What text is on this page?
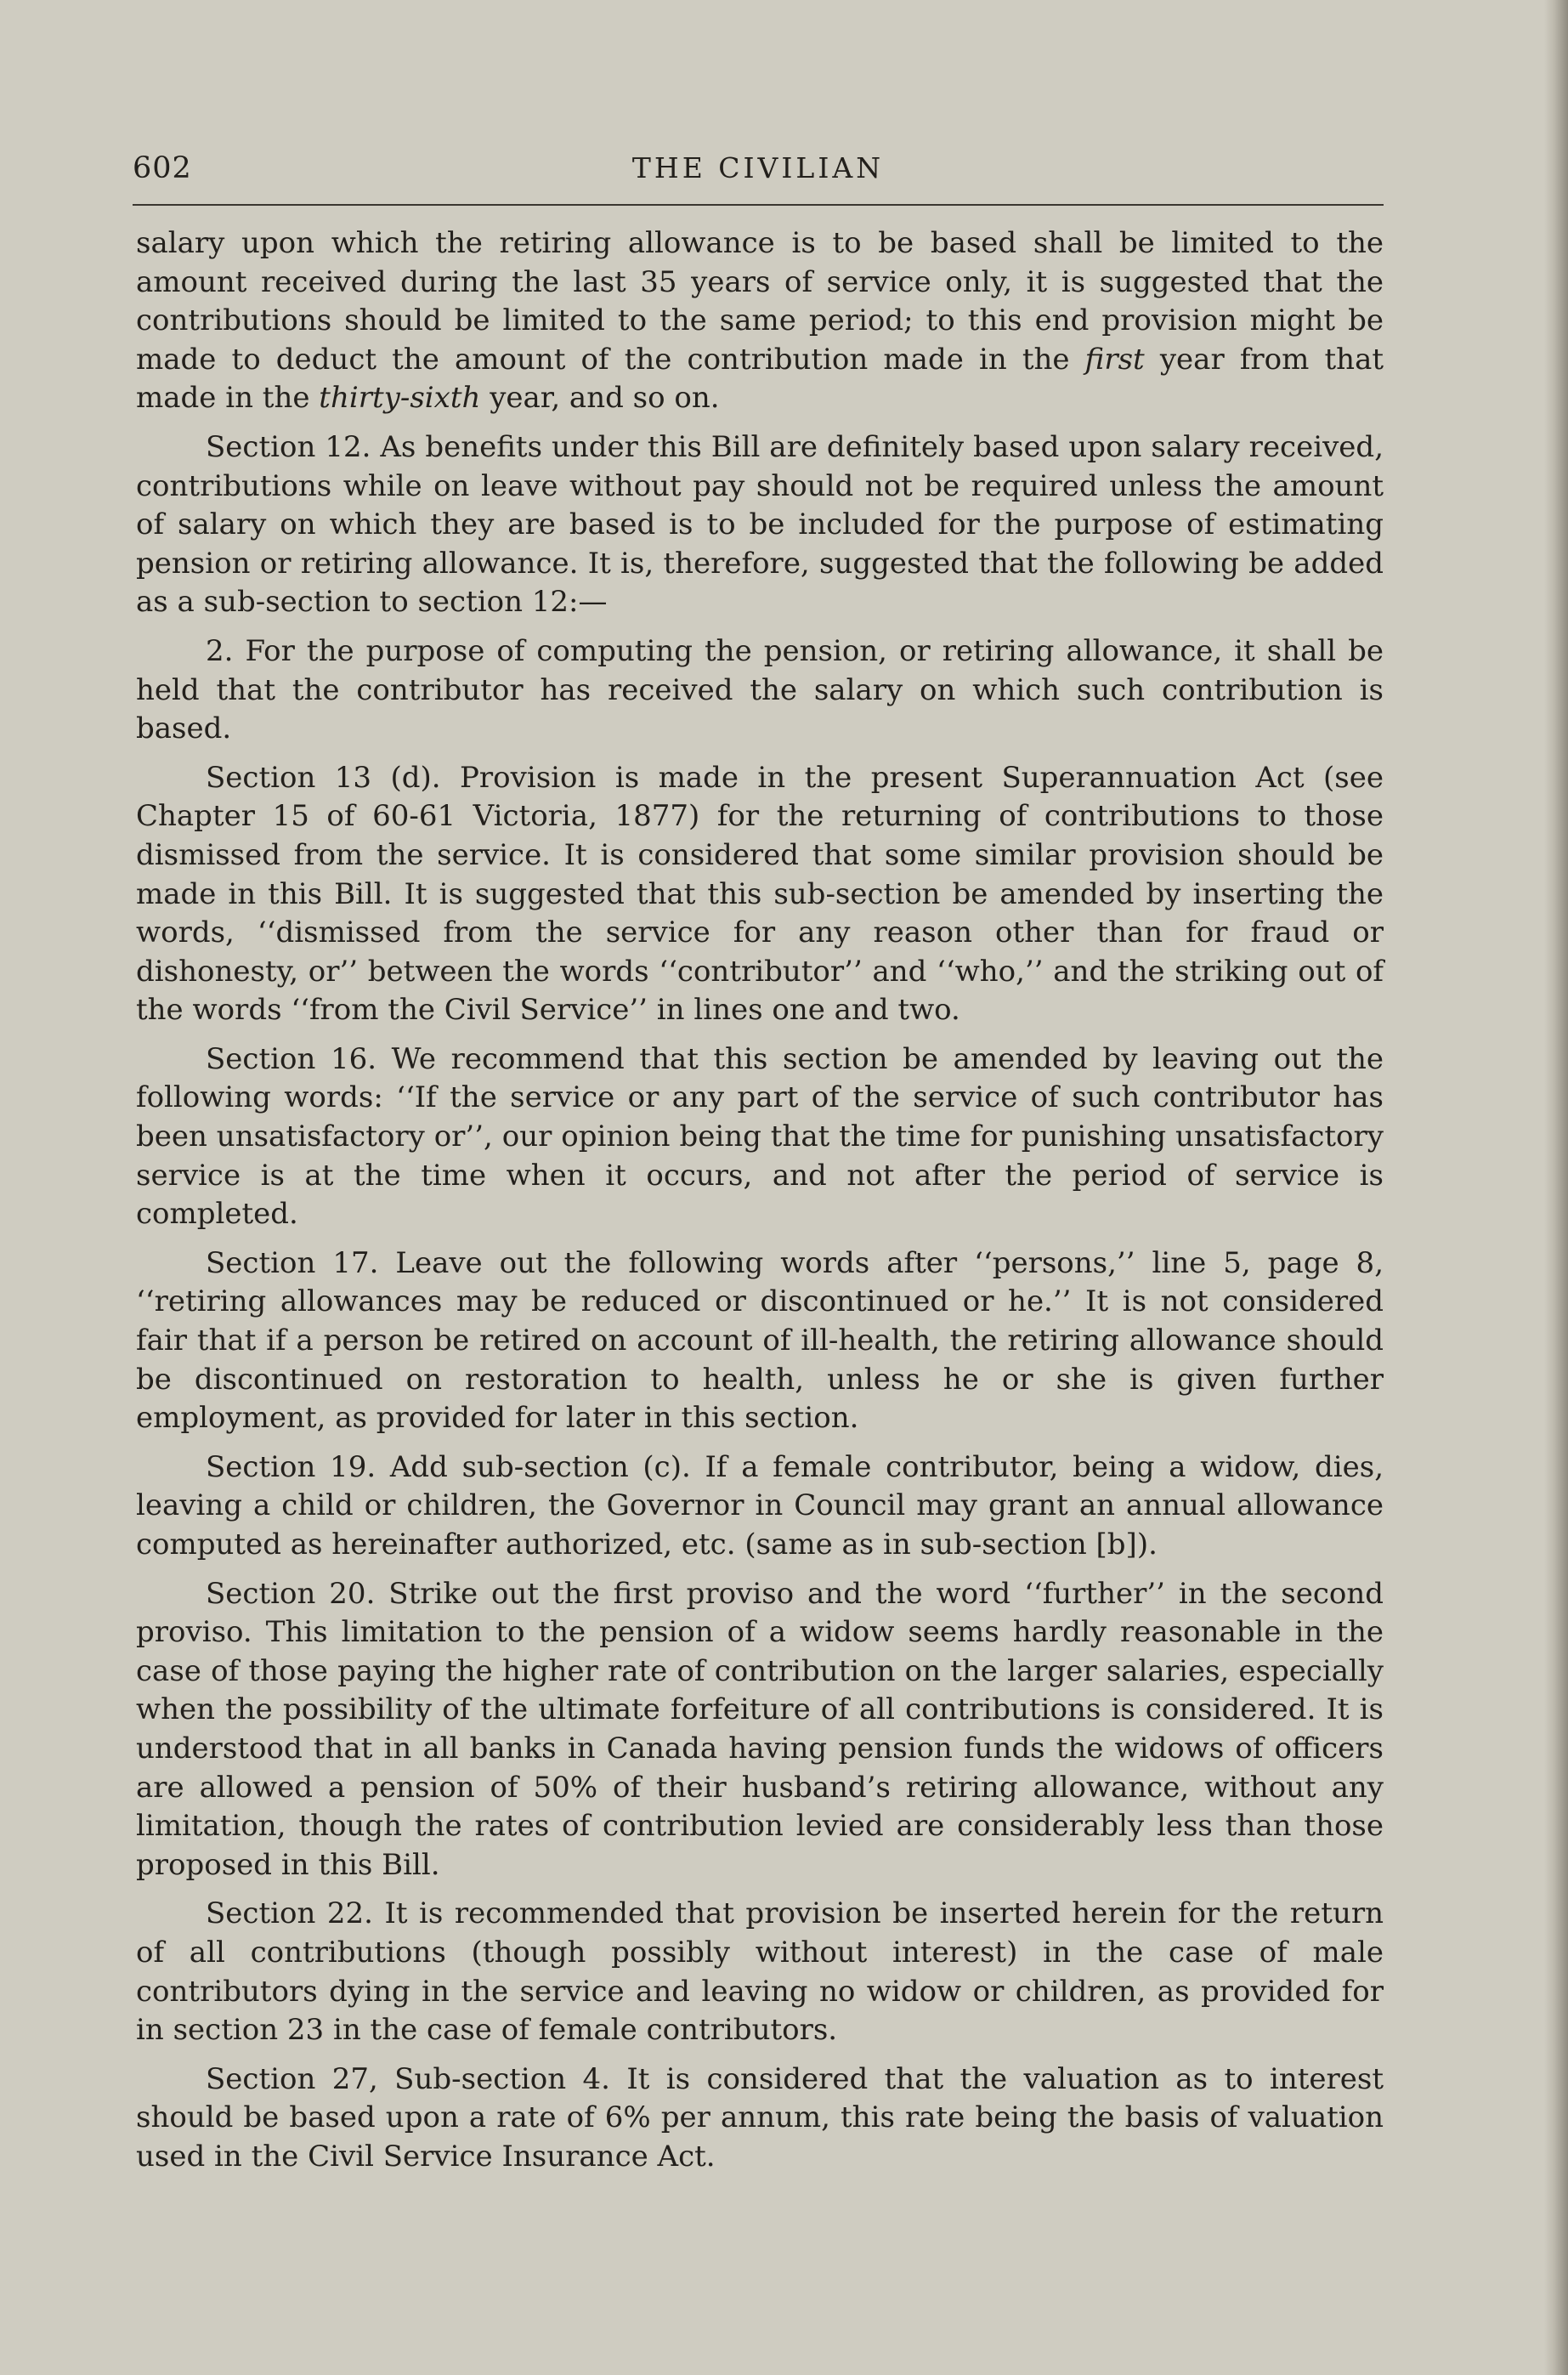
602	THE CIVILIAN

salary upon which the retiring allowance is to be based shall be limited to the amount received during the last 35 years of service only, it is suggested that the contributions should be limited to the same period; to this end provision might be made to deduct the amount of the contribution made in the first year from that made in the thirty-sixth year, and so on.

Section 12. As benefits under this Bill are definitely based upon salary received, contributions while on leave without pay should not be required unless the amount of salary on which they are based is to be included for the purpose of estimating pension or retiring allowance. It is, therefore, suggested that the following be added as a sub-section to section 12:—

2. For the purpose of computing the pension, or retiring allowance, it shall be held that the contributor has received the salary on which such contribution is based.

Section 13 (d). Provision is made in the present Superannuation Act (see Chapter 15 of 60-61 Victoria, 1877) for the returning of contributions to those dismissed from the service. It is considered that some similar provision should be made in this Bill. It is suggested that this sub-section be amended by inserting the words, ‘‘dismissed from the service for any reason other than for fraud or dishonesty, or’’ between the words ‘‘contributor’’ and ‘‘who,’’ and the striking out of the words ‘‘from the Civil Service’’ in lines one and two.

Section 16. We recommend that this section be amended by leaving out the following words: ‘‘If the service or any part of the service of such contributor has been unsatisfactory or’’, our opinion being that the time for punishing unsatisfactory service is at the time when it occurs, and not after the period of service is completed.

Section 17. Leave out the following words after ‘‘persons,’’ line 5, page 8, ‘‘retiring allowances may be reduced or discontinued or he.’’ It is not considered fair that if a person be retired on account of ill-health, the retiring allowance should be discontinued on restoration to health, unless he or she is given further employment, as provided for later in this section.

Section 19. Add sub-section (c). If a female contributor, being a widow, dies, leaving a child or children, the Governor in Council may grant an annual allowance computed as hereinafter authorized, etc. (same as in sub-section [b]).

Section 20. Strike out the first proviso and the word ‘‘further’’ in the second proviso. This limitation to the pension of a widow seems hardly reasonable in the case of those paying the higher rate of contribution on the larger salaries, especially when the possibility of the ultimate forfeiture of all contributions is considered. It is understood that in all banks in Canada having pension funds the widows of officers are allowed a pension of 50% of their husband’s retiring allowance, without any limitation, though the rates of contribution levied are considerably less than those proposed in this Bill.

Section 22. It is recommended that provision be inserted herein for the return of all contributions (though possibly without interest) in the case of male contributors dying in the service and leaving no widow or children, as provided for in section 23 in the case of female contributors.

Section 27, Sub-section 4. It is considered that the valuation as to interest should be based upon a rate of 6% per annum, this rate being the basis of valuation used in the Civil Service Insurance Act.
